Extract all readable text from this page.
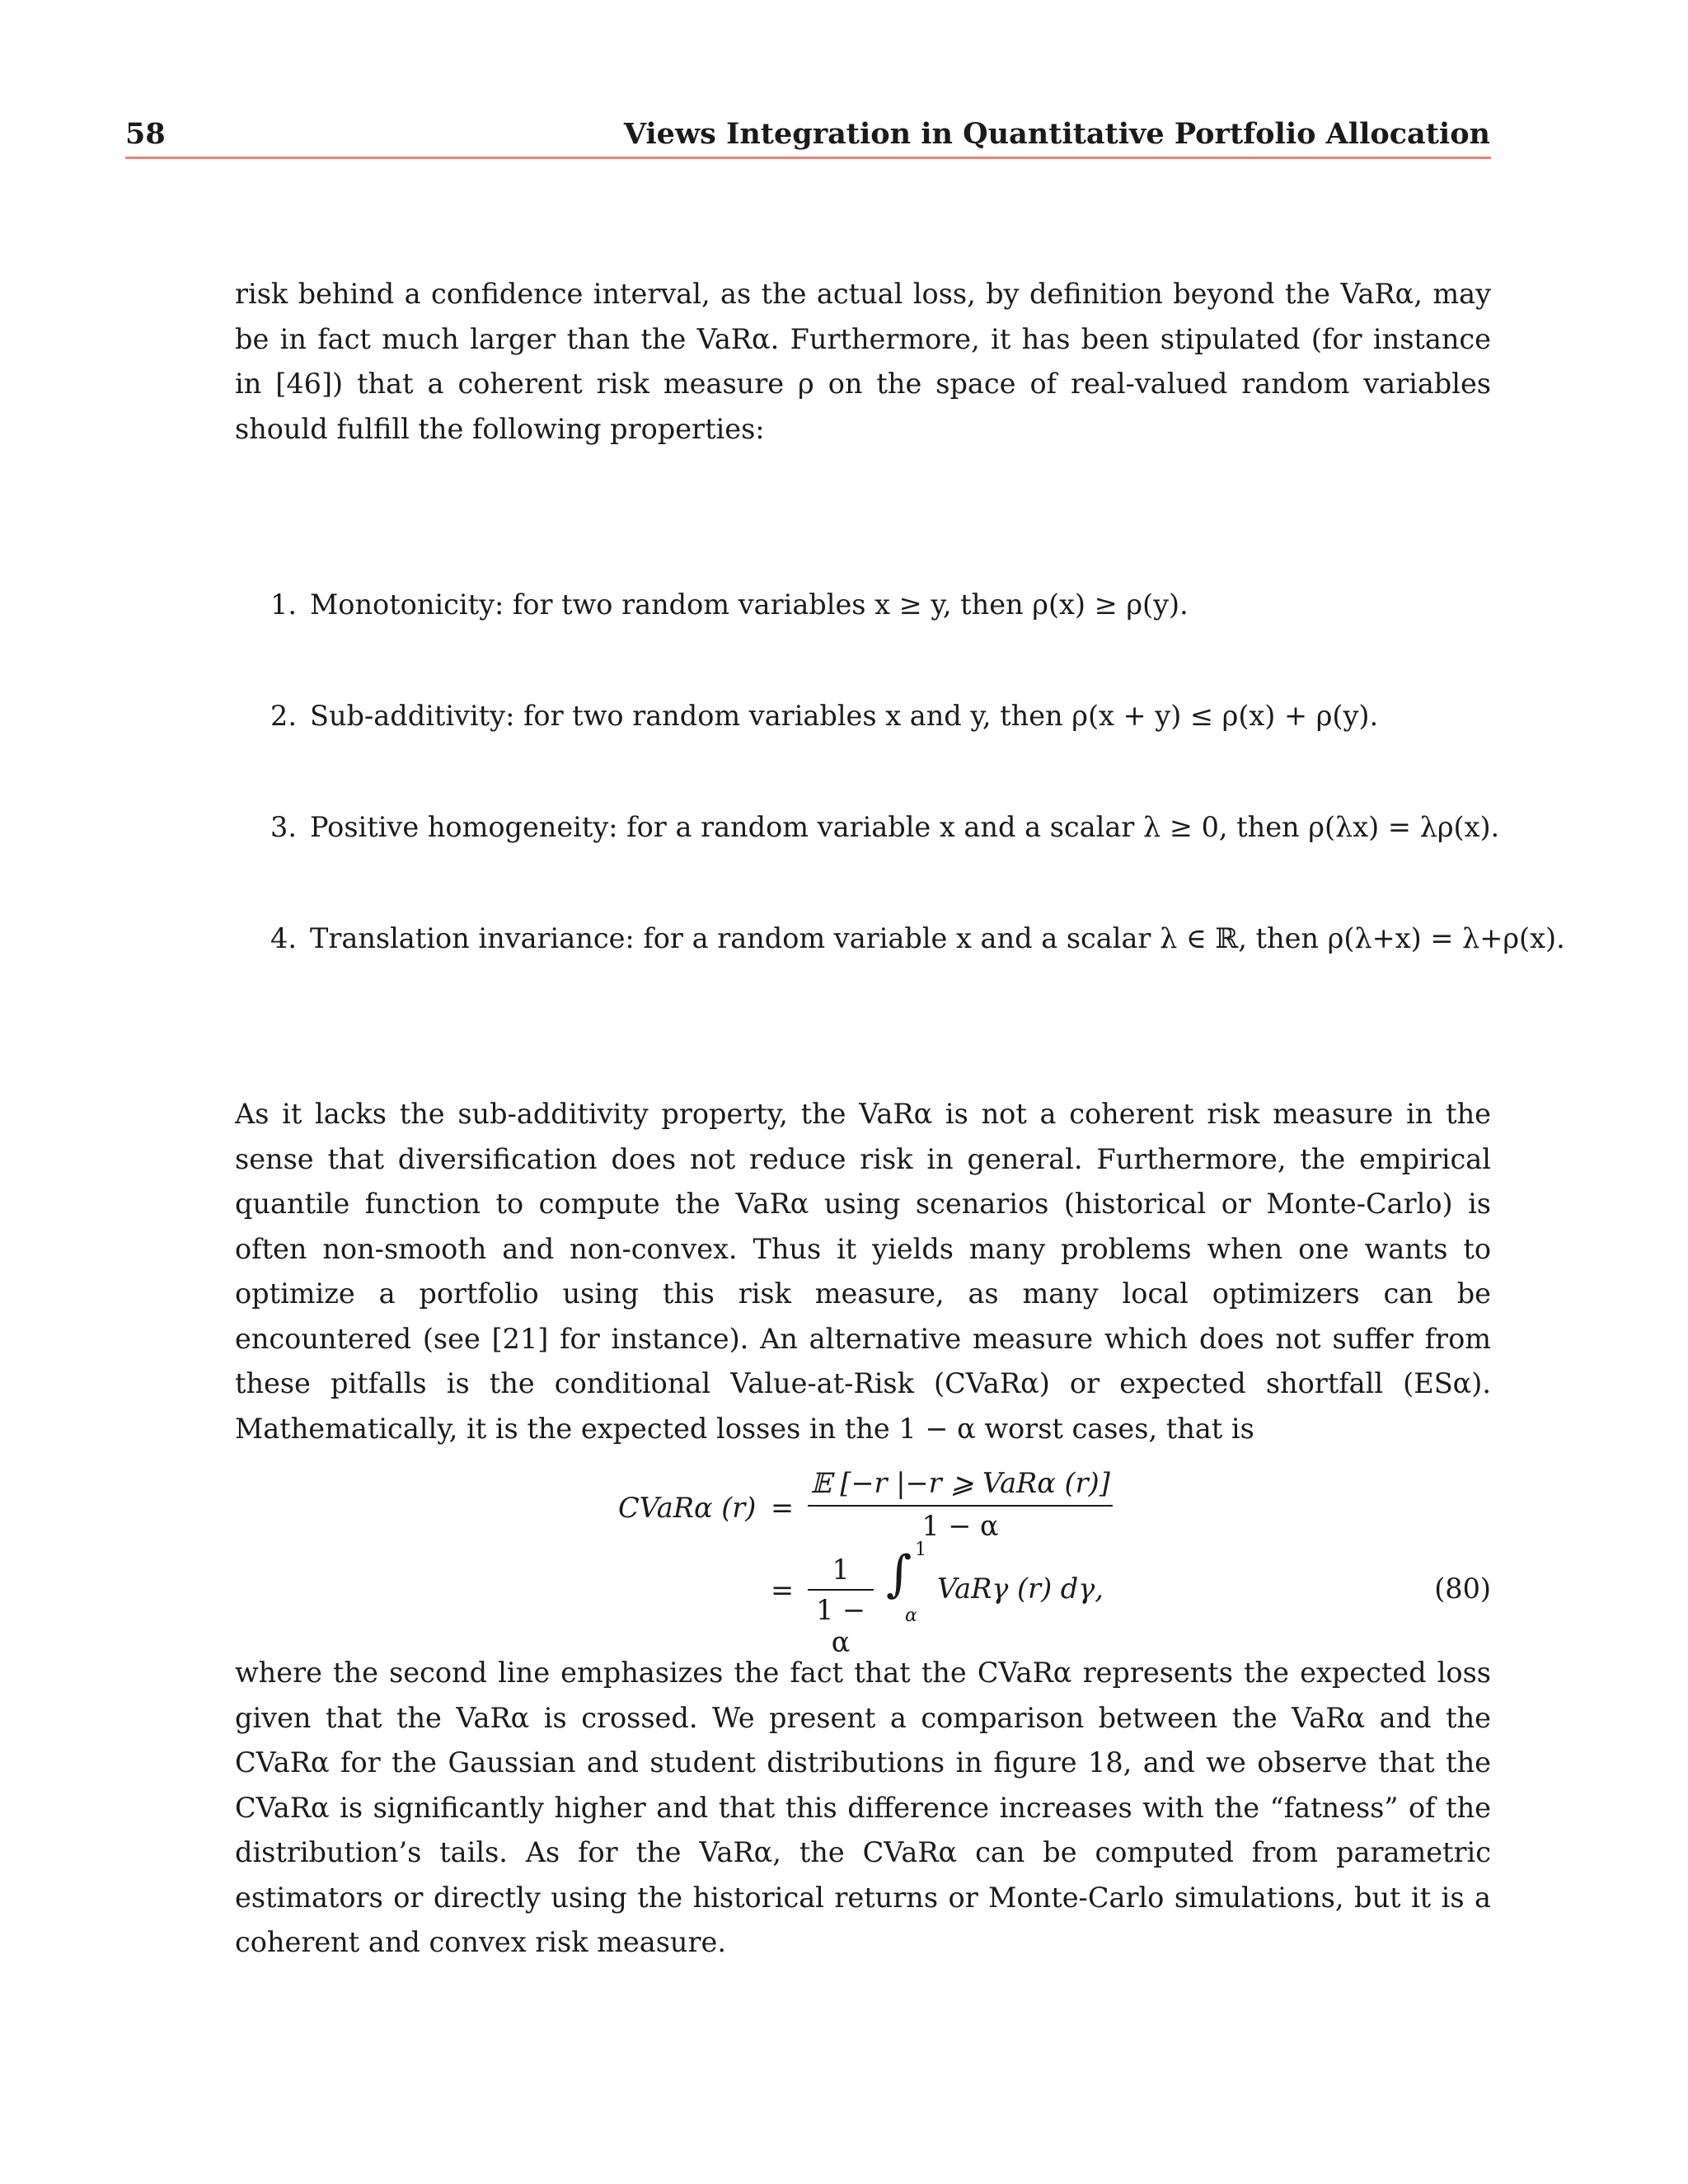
58	Views Integration in Quantitative Portfolio Allocation

risk behind a confidence interval, as the actual loss, by definition beyond the VaRα, may be in fact much larger than the VaRα. Furthermore, it has been stipulated (for instance in [46]) that a coherent risk measure ρ on the space of real-valued random variables should fulfill the following properties:

1. Monotonicity: for two random variables x ≥ y, then ρ(x) ≥ ρ(y).
2. Sub-additivity: for two random variables x and y, then ρ(x + y) ≤ ρ(x) + ρ(y).
3. Positive homogeneity: for a random variable x and a scalar λ ≥ 0, then ρ(λx) = λρ(x).
4. Translation invariance: for a random variable x and a scalar λ ∈ ℝ, then ρ(λ+x) = λ+ρ(x).

As it lacks the sub-additivity property, the VaRα is not a coherent risk measure in the sense that diversification does not reduce risk in general. Furthermore, the empirical quantile function to compute the VaRα using scenarios (historical or Monte-Carlo) is often non-smooth and non-convex. Thus it yields many problems when one wants to optimize a portfolio using this risk measure, as many local optimizers can be encountered (see [21] for instance). An alternative measure which does not suffer from these pitfalls is the conditional Value-at-Risk (CVaRα) or expected shortfall (ESα). Mathematically, it is the expected losses in the 1 − α worst cases, that is

CVaRα (r) =
𝔼 [−r |−r ⩾ VaRα (r)]
1 − α
=
1
1 − α
∫ 1
α
VaRγ (r) dγ,	(80)

where the second line emphasizes the fact that the CVaRα represents the expected loss given that the VaRα is crossed. We present a comparison between the VaRα and the CVaRα for the Gaussian and student distributions in figure 18, and we observe that the CVaRα is significantly higher and that this difference increases with the “fatness” of the distribution’s tails. As for the VaRα, the CVaRα can be computed from parametric estimators or directly using the historical returns or Monte-Carlo simulations, but it is a coherent and convex risk measure.
